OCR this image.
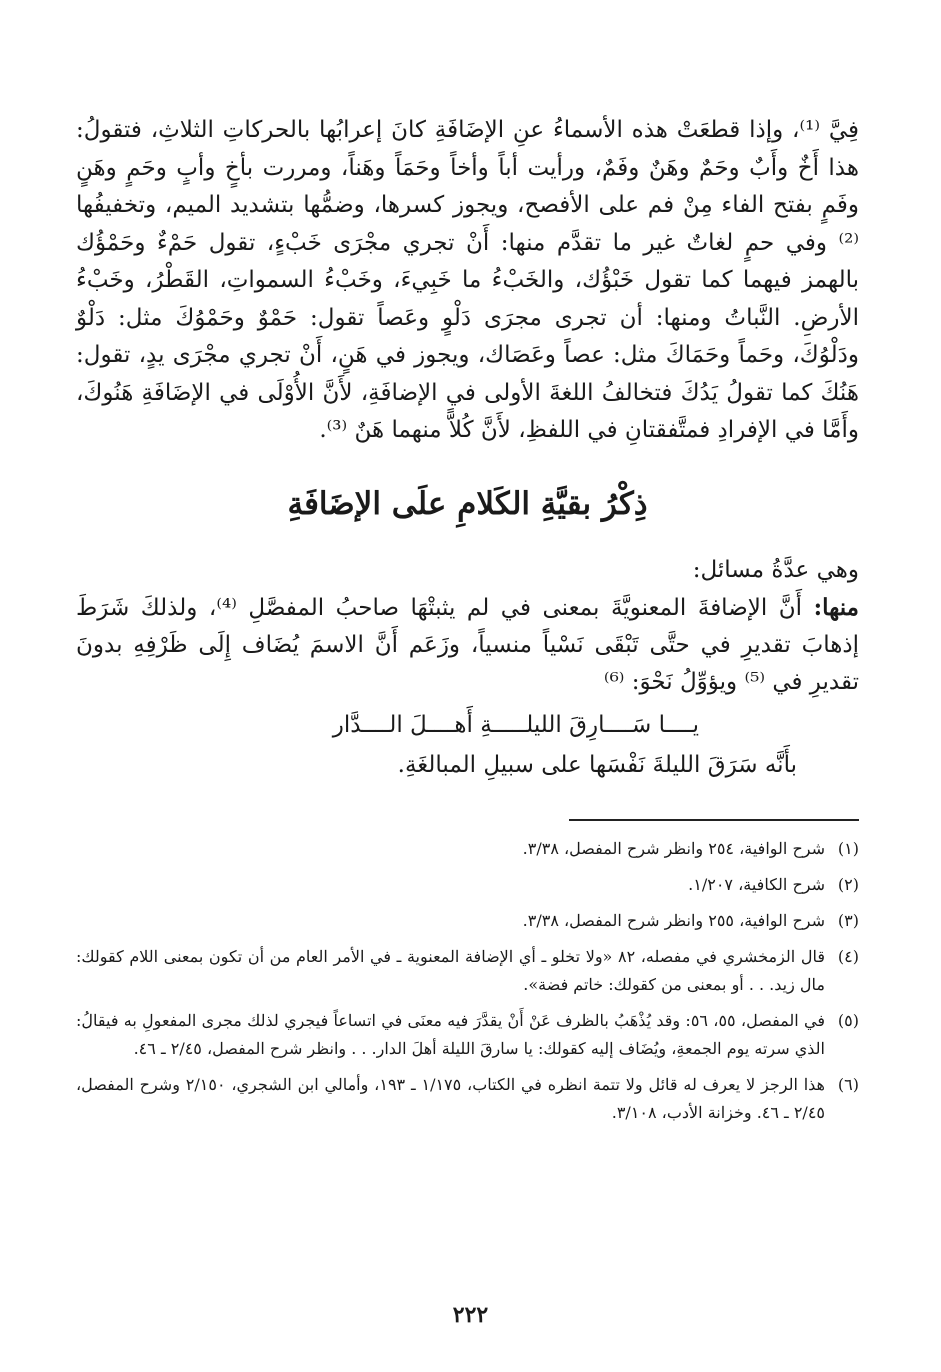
فِيَّ ⁽¹⁾، وإذا قطعَتْ هذه الأسماءُ عنِ الإضَافَةِ كانَ إعرابُها بالحركاتِ الثلاثِ، فتقولُ: هذا أَخٌ وأَبٌ وحَمٌ وهَنٌ وفَمٌ، ورأيت أباً وأخاً وحَمَاً وهَناً، ومررت بأخٍ وأبٍ وحَمٍ وهَنٍ وفَمٍ بفتح الفاء مِنْ فم على الأفصح، ويجوز كسرها، وضمُّها بتشديد الميم، وتخفيفُها ⁽²⁾ وفي حمٍ لغاتٌ غير ما تقدَّم منها: أَنْ تجري مجْرَى خَبْءٍ، تقول حَمْءٌ وحَمْؤُك بالهمز فيهما كما تقول خَبْؤُك، والخَبْءُ ما خَبِيءَ، وخَبْءُ السمواتِ، القَطْرُ، وخَبْءُ الأرضِ. النَّباتُ ومنها: أن تجرى مجرَى دَلْوٍ وعَصاً تقول: حَمْوٌ وحَمْوُكَ مثل: دَلْوٌ ودَلْوُكَ، وحَماً وحَمَاكَ مثل: عصاً وعَصَاك، ويجوز في هَنٍ، أَنْ تجري مجْرَى يدٍ، تقول: هَنُكَ كما تقولُ يَدُكَ فتخالفُ اللغةَ الأولى في الإضافَةِ، لأَنَّ الأُوْلَى في الإضَافَةِ هَنُوكَ، وأَمَّا في الإفرادِ فمتَّفقتانِ في اللفظِ، لأَنَّ كُلاًّ منهما هَنٌ ⁽³⁾.

ذِكْرُ بقيَّةِ الكَلامِ علَى الإضَافَةِ

وهي عدَّةُ مسائل:

منها: أَنَّ الإضافةَ المعنويَّةَ بمعنى في لم يثبتْهَا صاحبُ المفصَّلِ ⁽⁴⁾، ولذلكَ شَرَطَ إذهابَ تقديرِ في حتَّى تَبْقَى نَسْياً منسياً، وزَعَم أَنَّ الاسمَ يُضَاف إِلَى ظَرْفِهِ بدونَ تقديرِ في ⁽⁵⁾ ويؤوِّلُ نَحْوَ: ⁽⁶⁾

يــــا سَــــارِقَ الليلـــــةِ أَهــــلَ الــــدَّار
بأَنَّه سَرَقَ الليلةَ نَفْسَها على سبيلِ المبالغَةِ.
(١)
شرح الوافية، ٢٥٤ وانظر شرح المفصل، ٣/٣٨.
(٢)
شرح الكافية، ١/٢٠٧.
(٣)
شرح الوافية، ٢٥٥ وانظر شرح المفصل، ٣/٣٨.
(٤)
قال الزمخشري في مفصله، ٨٢ «ولا تخلو ـ أي الإضافة المعنوية ـ في الأمر العام من أن تكون بمعنى اللام كقولك: مال زيد. . . أو بمعنى من كقولك: خاتم فضة».
(٥)
في المفصل، ٥٥، ٥٦: وقد يُذْهَبُ بالظرف عَنْ أَنْ يقدَّرَ فيه معنَى في اتساعاً فيجري لذلك مجرى المفعولِ به فيقالُ: الذي سرته يوم الجمعةِ، ويُضَاف إليه كقولك: يا سارقَ الليلة أهلَ الدار. . . وانظر شرح المفصل، ٢/٤٥ ـ ٤٦.
(٦)
هذا الرجز لا يعرف له قائل ولا تتمة انظره في الكتاب، ١/١٧٥ ـ ١٩٣، وأمالي ابن الشجري، ٢/١٥٠ وشرح المفصل، ٢/٤٥ ـ ٤٦. وخزانة الأدب، ٣/١٠٨.
٢٢٢
